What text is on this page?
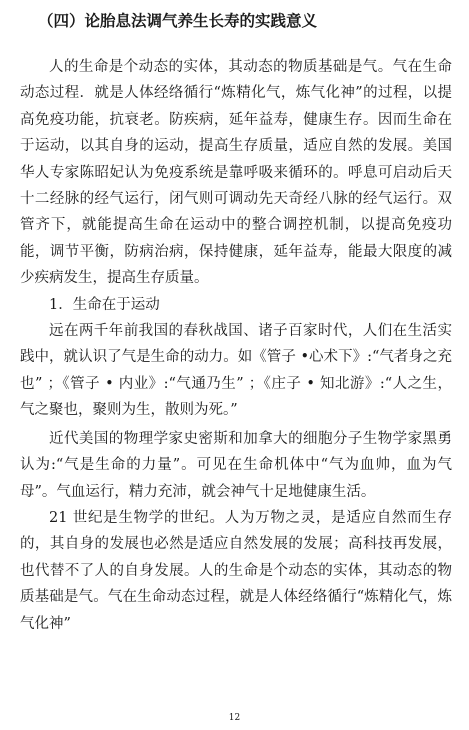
（四）论胎息法调气养生长寿的实践意义

人的生命是个动态的实体，其动态的物质基础是气。气在生命动态过程．就是人体经络循行“炼精化气，炼气化神”的过程，以提高免疫功能，抗衰老。防疾病，延年益寿，健康生存。因而生命在于运动，以其自身的运动，提高生存质量，适应自然的发展。美国华人专家陈昭妃认为免疫系统是靠呼吸来循环的。呼息可启动后天十二经脉的经气运行，闭气则可调动先天奇经八脉的经气运行。双管齐下，就能提高生命在运动中的整合调控机制，以提高免疫功能，调节平衡，防病治病，保持健康，延年益寿，能最大限度的减少疾病发生，提高生存质量。

1．生命在于运动

远在两千年前我国的春秋战国、诸子百家时代，人们在生活实践中，就认识了气是生命的动力。如《管子 •心术下》:“气者身之充也” ；《管子 • 内业》:“气通乃生” ；《庄子 • 知北游》:“人之生，气之聚也，聚则为生，散则为死。”

近代美国的物理学家史密斯和加拿大的细胞分子生物学家黑勇认为:“气是生命的力量”。可见在生命机体中“气为血帅，血为气母”。气血运行，精力充沛，就会神气十足地健康生活。

21 世纪是生物学的世纪。人为万物之灵，是适应自然而生存的，其自身的发展也必然是适应自然发展的发展；高科技再发展，也代替不了人的自身发展。人的生命是个动态的实体，其动态的物质基础是气。气在生命动态过程，就是人体经络循行“炼精化气，炼气化神”

12
